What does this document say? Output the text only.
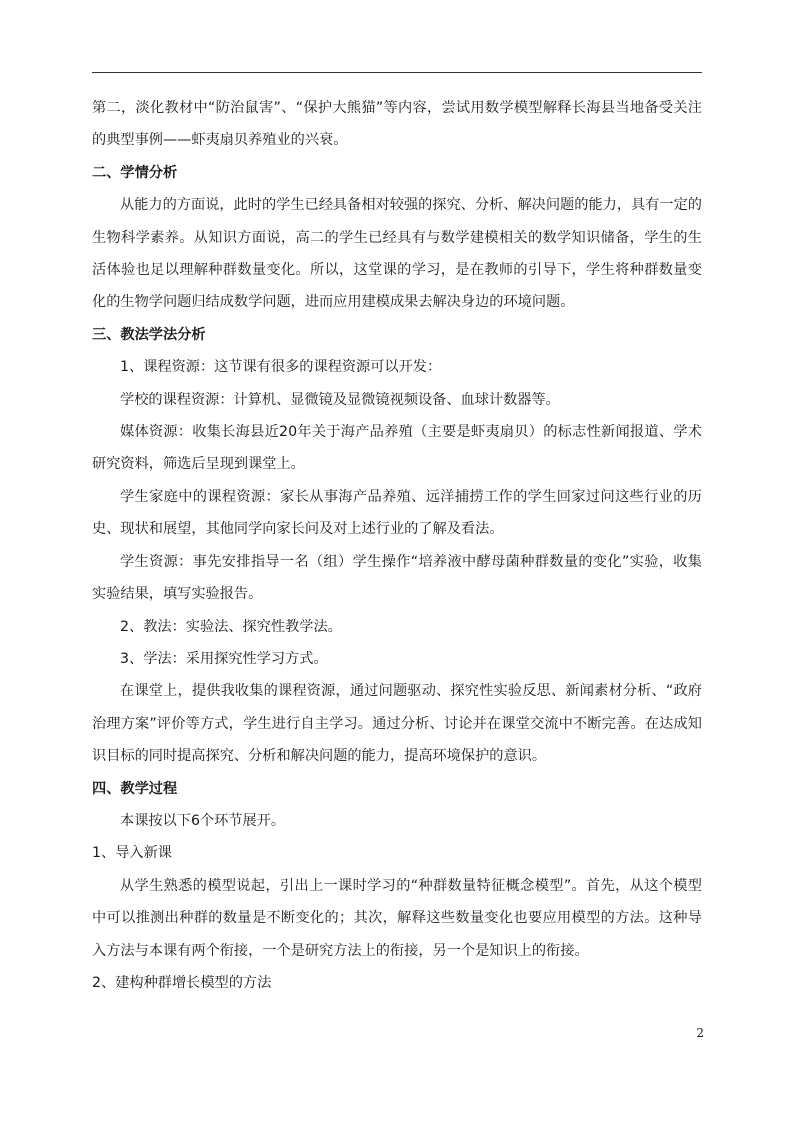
第二，淡化教材中“防治鼠害”、“保护大熊猫”等内容，尝试用数学模型解释长海县当地备受关注的典型事例——虾夷扇贝养殖业的兴衰。

二、学情分析

从能力的方面说，此时的学生已经具备相对较强的探究、分析、解决问题的能力，具有一定的生物科学素养。从知识方面说，高二的学生已经具有与数学建模相关的数学知识储备，学生的生活体验也足以理解种群数量变化。所以，这堂课的学习，是在教师的引导下，学生将种群数量变化的生物学问题归结成数学问题，进而应用建模成果去解决身边的环境问题。

三、教法学法分析

1、课程资源：这节课有很多的课程资源可以开发：

学校的课程资源：计算机、显微镜及显微镜视频设备、血球计数器等。

媒体资源：收集长海县近20年关于海产品养殖（主要是虾夷扇贝）的标志性新闻报道、学术研究资料，筛选后呈现到课堂上。

学生家庭中的课程资源：家长从事海产品养殖、远洋捕捞工作的学生回家过问这些行业的历史、现状和展望，其他同学向家长问及对上述行业的了解及看法。

学生资源：事先安排指导一名（组）学生操作“培养液中酵母菌种群数量的变化”实验，收集实验结果，填写实验报告。

2、教法：实验法、探究性教学法。

3、学法：采用探究性学习方式。

在课堂上，提供我收集的课程资源，通过问题驱动、探究性实验反思、新闻素材分析、“政府治理方案”评价等方式，学生进行自主学习。通过分析、讨论并在课堂交流中不断完善。在达成知识目标的同时提高探究、分析和解决问题的能力，提高环境保护的意识。

四、教学过程

本课按以下6个环节展开。

1、导入新课

从学生熟悉的模型说起，引出上一课时学习的“种群数量特征概念模型”。首先，从这个模型中可以推测出种群的数量是不断变化的；其次，解释这些数量变化也要应用模型的方法。这种导入方法与本课有两个衔接，一个是研究方法上的衔接，另一个是知识上的衔接。

2、建构种群增长模型的方法

2
